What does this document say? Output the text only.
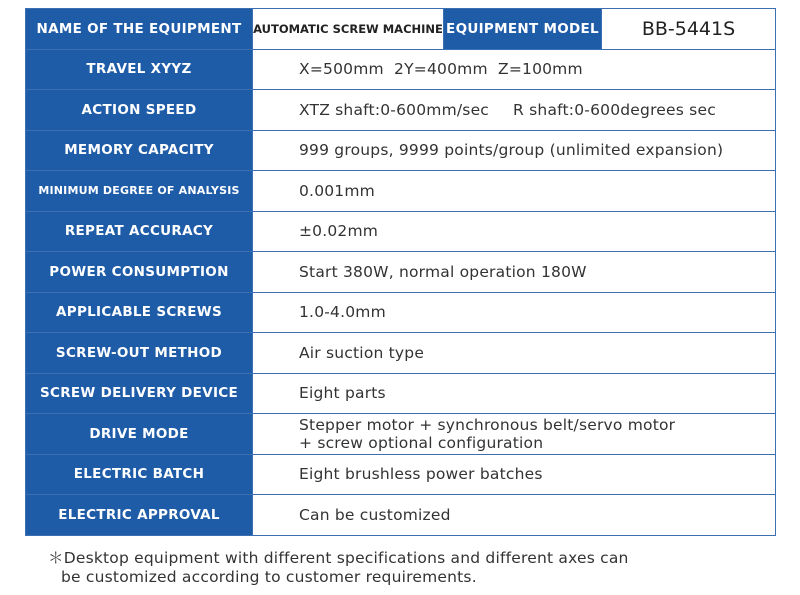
NAME OF THE EQUIPMENT	AUTOMATIC SCREW MACHINE	EQUIPMENT MODEL	BB-5441S
TRAVEL XYYZ	X=500mm  2Y=400mm  Z=100mm		
ACTION SPEED	XTZ shaft:0-600mm/sec R shaft:0-600degrees sec		
MEMORY CAPACITY	999 groups, 9999 points/group (unlimited expansion)		
MINIMUM DEGREE OF ANALYSIS	0.001mm		
REPEAT ACCURACY	±0.02mm		
POWER CONSUMPTION	Start 380W, normal operation 180W		
APPLICABLE SCREWS	1.0-4.0mm		
SCREW-OUT METHOD	Air suction type		
SCREW DELIVERY DEVICE	Eight parts		
DRIVE MODE	Stepper motor + synchronous belt/servo motor
+ screw optional configuration		

ELECTRIC BATCH	Eight brushless power batches		
ELECTRIC APPROVAL	Can be customized		
＊Desktop equipment with different specifications and different axes can
be customized according to customer requirements.
